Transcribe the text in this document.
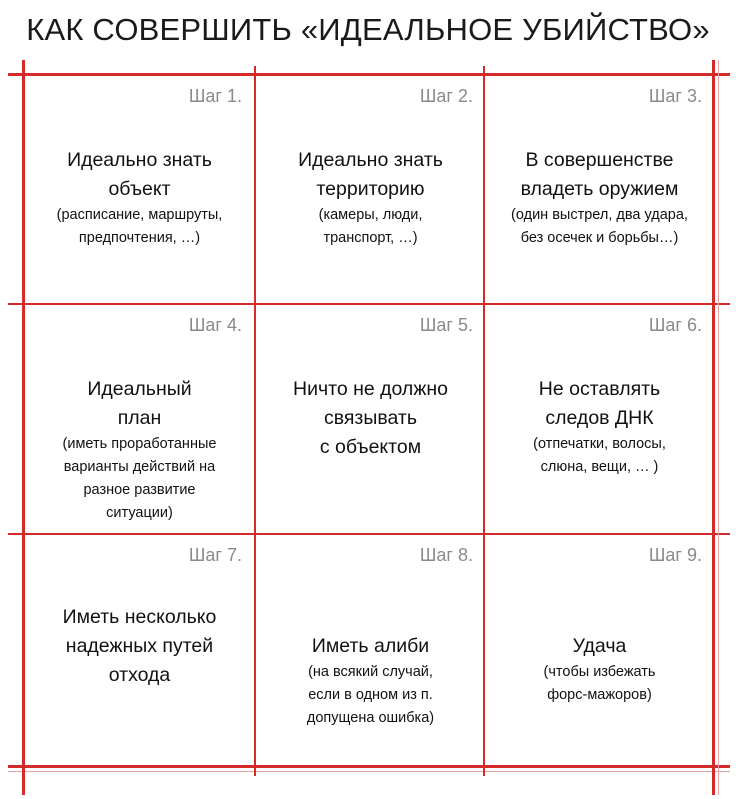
КАК СОВЕРШИТЬ «ИДЕАЛЬНОЕ УБИЙСТВО»
Шаг 1.
Идеально знать
объект
(расписание, маршруты,
предпочтения, …)
Шаг 2.
Идеально знать
территорию
(камеры, люди,
транспорт, …)
Шаг 3.
В совершенстве
владеть оружием
(один выстрел, два удара,
без осечек и борьбы…)
Шаг 4.
Идеальный
план
(иметь проработанные
варианты действий на
разное развитие
ситуации)
Шаг 5.
Ничто не должно
связывать
с объектом
Шаг 6.
Не оставлять
следов ДНК
(отпечатки, волосы,
слюна, вещи, … )
Шаг 7.
Иметь несколько
надежных путей
отхода
Шаг 8.
Иметь алиби
(на всякий случай,
если в одном из п.
допущена ошибка)
Шаг 9.
Удача
(чтобы избежать
форс-мажоров)
